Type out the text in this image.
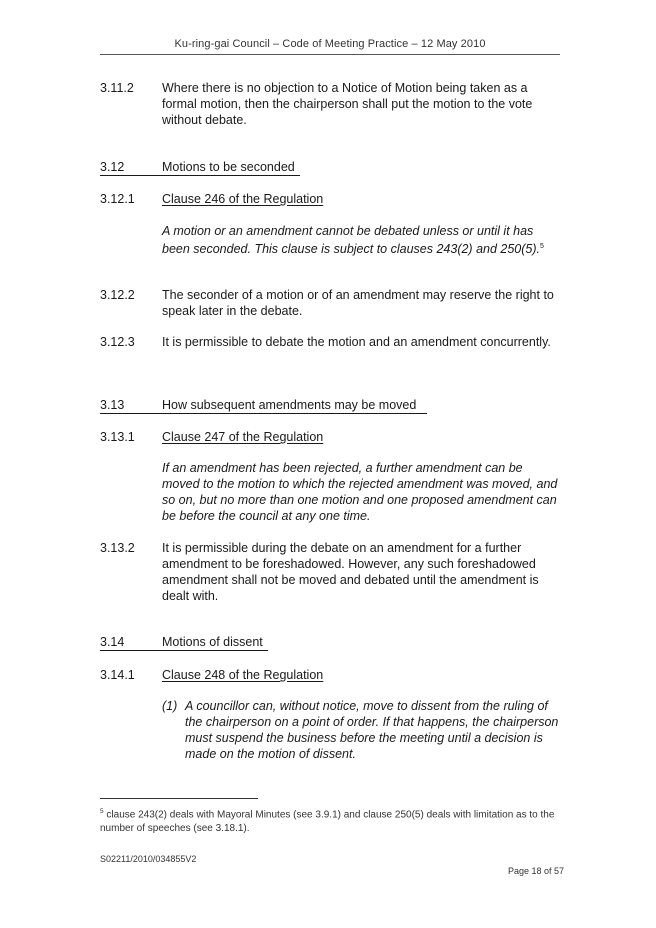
Ku-ring-gai Council – Code of Meeting Practice – 12 May 2010
3.11.2 Where there is no objection to a Notice of Motion being taken as a formal motion, then the chairperson shall put the motion to the vote without debate.
3.12	Motions to be seconded
3.12.1 Clause 246 of the Regulation
A motion or an amendment cannot be debated unless or until it has been seconded. This clause is subject to clauses 243(2) and 250(5).$^5$
3.12.2 The seconder of a motion or of an amendment may reserve the right to speak later in the debate.
3.12.3 It is permissible to debate the motion and an amendment concurrently.
3.13	How subsequent amendments may be moved
3.13.1 Clause 247 of the Regulation
If an amendment has been rejected, a further amendment can be moved to the motion to which the rejected amendment was moved, and so on, but no more than one motion and one proposed amendment can be before the council at any one time.
3.13.2 It is permissible during the debate on an amendment for a further amendment to be foreshadowed. However, any such foreshadowed amendment shall not be moved and debated until the amendment is dealt with.
3.14	Motions of dissent
3.14.1 Clause 248 of the Regulation
(1) A councillor can, without notice, move to dissent from the ruling of the chairperson on a point of order. If that happens, the chairperson must suspend the business before the meeting until a decision is made on the motion of dissent.
$^5$ clause 243(2) deals with Mayoral Minutes (see 3.9.1) and clause 250(5) deals with limitation as to the number of speeches (see 3.18.1).
S02211/2010/034855V2
Page 18 of 57
